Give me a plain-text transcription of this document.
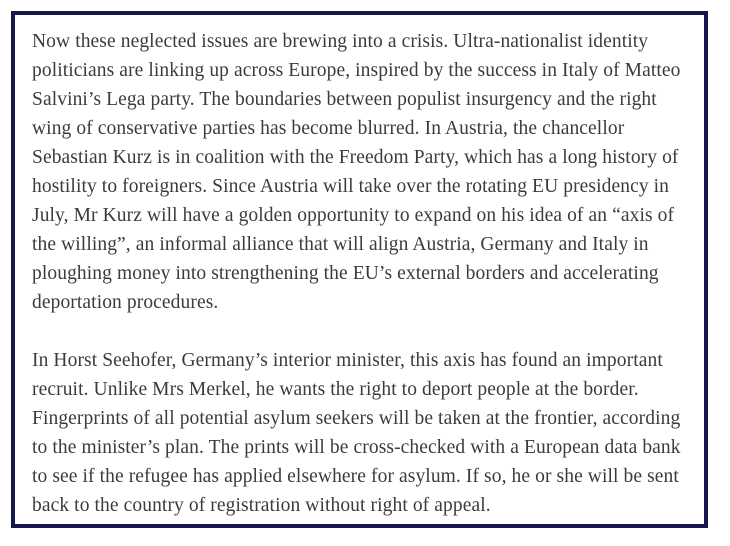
Now these neglected issues are brewing into a crisis. Ultra-nationalist identity politicians are linking up across Europe, inspired by the success in Italy of Matteo Salvini’s Lega party. The boundaries between populist insurgency and the right wing of conservative parties has become blurred. In Austria, the chancellor Sebastian Kurz is in coalition with the Freedom Party, which has a long history of hostility to foreigners. Since Austria will take over the rotating EU presidency in July, Mr Kurz will have a golden opportunity to expand on his idea of an “axis of the willing”, an informal alliance that will align Austria, Germany and Italy in ploughing money into strengthening the EU’s external borders and accelerating deportation procedures.

In Horst Seehofer, Germany’s interior minister, this axis has found an important recruit. Unlike Mrs Merkel, he wants the right to deport people at the border. Fingerprints of all potential asylum seekers will be taken at the frontier, according to the minister’s plan. The prints will be cross-checked with a European data bank to see if the refugee has applied elsewhere for asylum. If so, he or she will be sent back to the country of registration without right of appeal.
